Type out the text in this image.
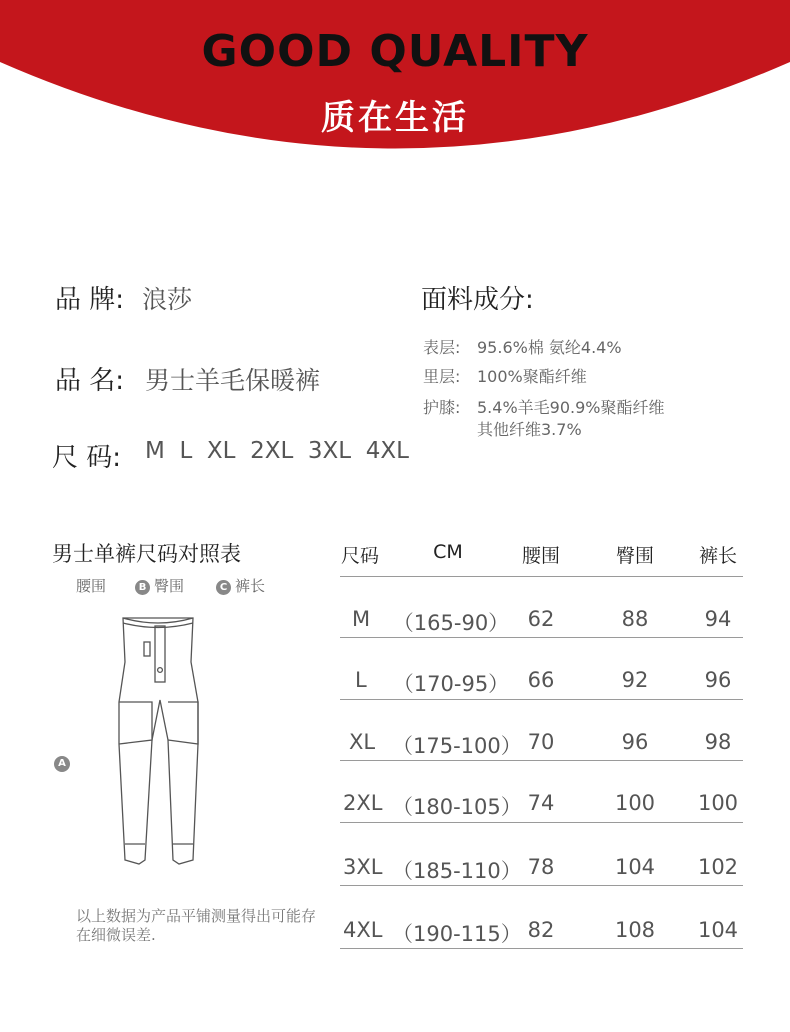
GOOD QUALITY
质在生活
品 牌: 浪莎
品 名: 男士羊毛保暖裤
尺 码: M  L  XL  2XL  3XL  4XL
面料成分:
表层: 95.6%棉 氨纶4.4%
里层: 100%聚酯纤维
护膝: 5.4%羊毛90.9%聚酯纤维
其他纤维3.7%
男士单裤尺码对照表
腰围	B 臀围	C 裤长
A
以上数据为产品平铺测量得出可能存在细微误差.
尺码	CM	腰围	臀围	裤长
M （165-90） 62	88	94
L （170-95） 66	92	96
XL （175-100） 70	96	98
2XL （180-105） 74	100	100
3XL （185-110） 78	104	102
4XL （190-115） 82	108	104
